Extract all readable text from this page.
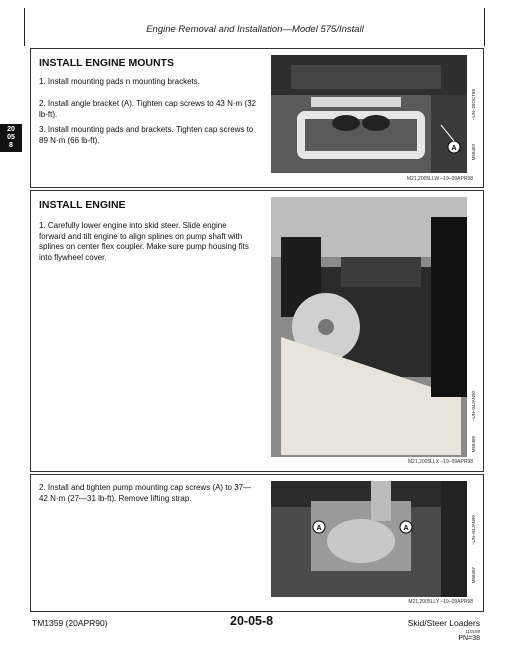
Engine Removal and Installation—Model 575/Install
20
05
8
INSTALL ENGINE MOUNTS
1. Install mounting pads n mounting brackets.
2. Install angle bracket (A). Tighten cap screws to 43 N·m (32 lb-ft).
3. Install mounting pads and brackets. Tighten cap screws to 89 N·m (66 lb-ft).
A
–UN–28OCT89
M58483
M21,2005LLW –19–09APR98
INSTALL ENGINE
1. Carefully lower engine into skid steer. Slide engine forward and tilt engine to align splines on pump shaft with splines on center flex coupler. Make sure pump housing fits into flywheel cover.
–UN–04JAN90
M58489
M21,2005LLX –19–09APR98
2. Install and tighten pump mounting cap screws (A) to 37—42 N·m (27—31 lb-ft). Remove lifting strap.
A	A	–UN–04JAN90
M58487
M21,2005LLY –19–09APR98
TM1359 (20APR90)	20-05-8	Skid/Steer Loaders
110198
PN=38
